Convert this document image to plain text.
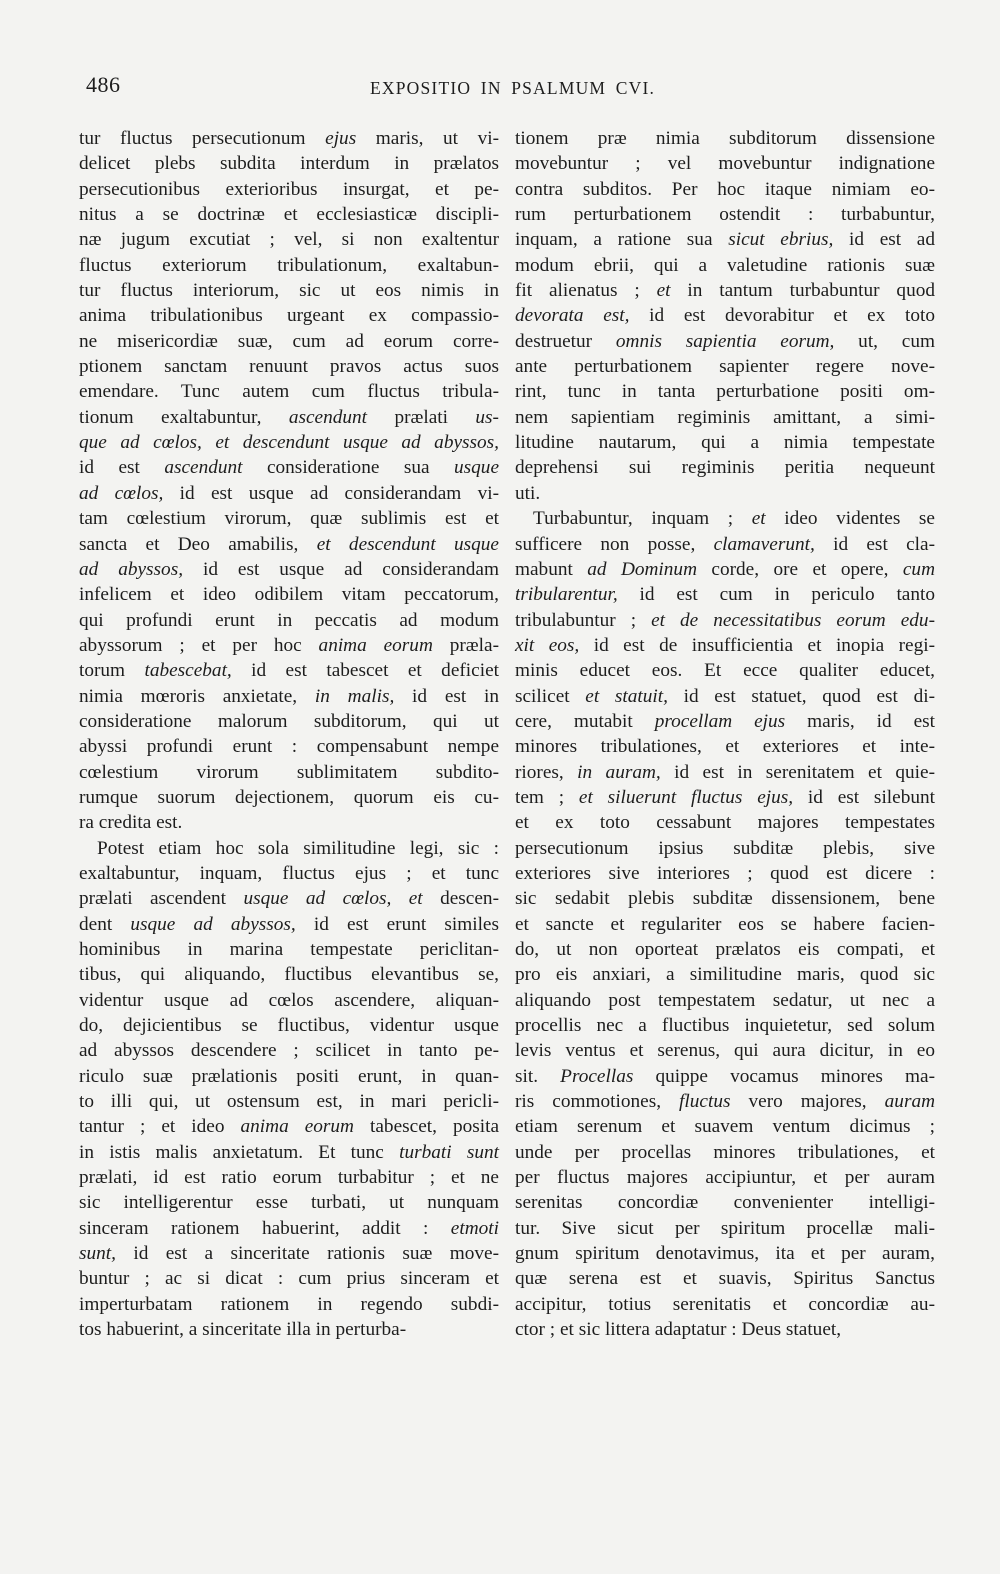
486	EXPOSITIO IN PSALMUM CVI.
tur fluctus persecutionum ejus maris, ut vi-
delicet plebs subdita interdum in prælatos
persecutionibus exterioribus insurgat, et pe-
nitus a se doctrinæ et ecclesiasticæ discipli-
næ jugum excutiat ; vel, si non exaltentur
fluctus exteriorum tribulationum, exaltabun-
tur fluctus interiorum, sic ut eos nimis in
anima tribulationibus urgeant ex compassio-
ne misericordiæ suæ, cum ad eorum corre-
ptionem sanctam renuunt pravos actus suos
emendare. Tunc autem cum fluctus tribula-
tionum exaltabuntur, ascendunt prælati us-
que ad cœlos, et descendunt usque ad abyssos,
id est ascendunt consideratione sua usque
ad cœlos, id est usque ad considerandam vi-
tam cœlestium virorum, quæ sublimis est et
sancta et Deo amabilis, et descendunt usque
ad abyssos, id est usque ad considerandam
infelicem et ideo odibilem vitam peccatorum,
qui profundi erunt in peccatis ad modum
abyssorum ; et per hoc anima eorum præla-
torum tabescebat, id est tabescet et deficiet
nimia mœroris anxietate, in malis, id est in
consideratione malorum subditorum, qui ut
abyssi profundi erunt : compensabunt nempe
cœlestium virorum sublimitatem subdito-
rumque suorum dejectionem, quorum eis cu-
ra credita est.
Potest etiam hoc sola similitudine legi, sic :
exaltabuntur, inquam, fluctus ejus ; et tunc
prælati ascendent usque ad cœlos, et descen-
dent usque ad abyssos, id est erunt similes
hominibus in marina tempestate periclitan-
tibus, qui aliquando, fluctibus elevantibus se,
videntur usque ad cœlos ascendere, aliquan-
do, dejicientibus se fluctibus, videntur usque
ad abyssos descendere ; scilicet in tanto pe-
riculo suæ prælationis positi erunt, in quan-
to illi qui, ut ostensum est, in mari pericli-
tantur ; et ideo anima eorum tabescet, posita
in istis malis anxietatum. Et tunc turbati sunt
prælati, id est ratio eorum turbabitur ; et ne
sic intelligerentur esse turbati, ut nunquam
sinceram rationem habuerint, addit : etmoti
sunt, id est a sinceritate rationis suæ move-
buntur ; ac si dicat : cum prius sinceram et
imperturbatam rationem in regendo subdi-
tos habuerint, a sinceritate illa in perturba-
tionem præ nimia subditorum dissensione
movebuntur ; vel movebuntur indignatione
contra subditos. Per hoc itaque nimiam eo-
rum perturbationem ostendit : turbabuntur,
inquam, a ratione sua sicut ebrius, id est ad
modum ebrii, qui a valetudine rationis suæ
fit alienatus ; et in tantum turbabuntur quod
devorata est, id est devorabitur et ex toto
destruetur omnis sapientia eorum, ut, cum
ante perturbationem sapienter regere nove-
rint, tunc in tanta perturbatione positi om-
nem sapientiam regiminis amittant, a simi-
litudine nautarum, qui a nimia tempestate
deprehensi sui regiminis peritia nequeunt
uti.
Turbabuntur, inquam ; et ideo videntes se
sufficere non posse, clamaverunt, id est cla-
mabunt ad Dominum corde, ore et opere, cum
tribularentur, id est cum in periculo tanto
tribulabuntur ; et de necessitatibus eorum edu-
xit eos, id est de insufficientia et inopia regi-
minis educet eos. Et ecce qualiter educet,
scilicet et statuit, id est statuet, quod est di-
cere, mutabit procellam ejus maris, id est
minores tribulationes, et exteriores et inte-
riores, in auram, id est in serenitatem et quie-
tem ; et siluerunt fluctus ejus, id est silebunt
et ex toto cessabunt majores tempestates
persecutionum ipsius subditæ plebis, sive
exteriores sive interiores ; quod est dicere :
sic sedabit plebis subditæ dissensionem, bene
et sancte et regulariter eos se habere facien-
do, ut non oporteat prælatos eis compati, et
pro eis anxiari, a similitudine maris, quod sic
aliquando post tempestatem sedatur, ut nec a
procellis nec a fluctibus inquietetur, sed solum
levis ventus et serenus, qui aura dicitur, in eo
sit. Procellas quippe vocamus minores ma-
ris commotiones, fluctus vero majores, auram
etiam serenum et suavem ventum dicimus ;
unde per procellas minores tribulationes, et
per fluctus majores accipiuntur, et per auram
serenitas concordiæ convenienter intelligi-
tur. Sive sicut per spiritum procellæ mali-
gnum spiritum denotavimus, ita et per auram,
quæ serena est et suavis, Spiritus Sanctus
accipitur, totius serenitatis et concordiæ au-
ctor ; et sic littera adaptatur : Deus statuet,
